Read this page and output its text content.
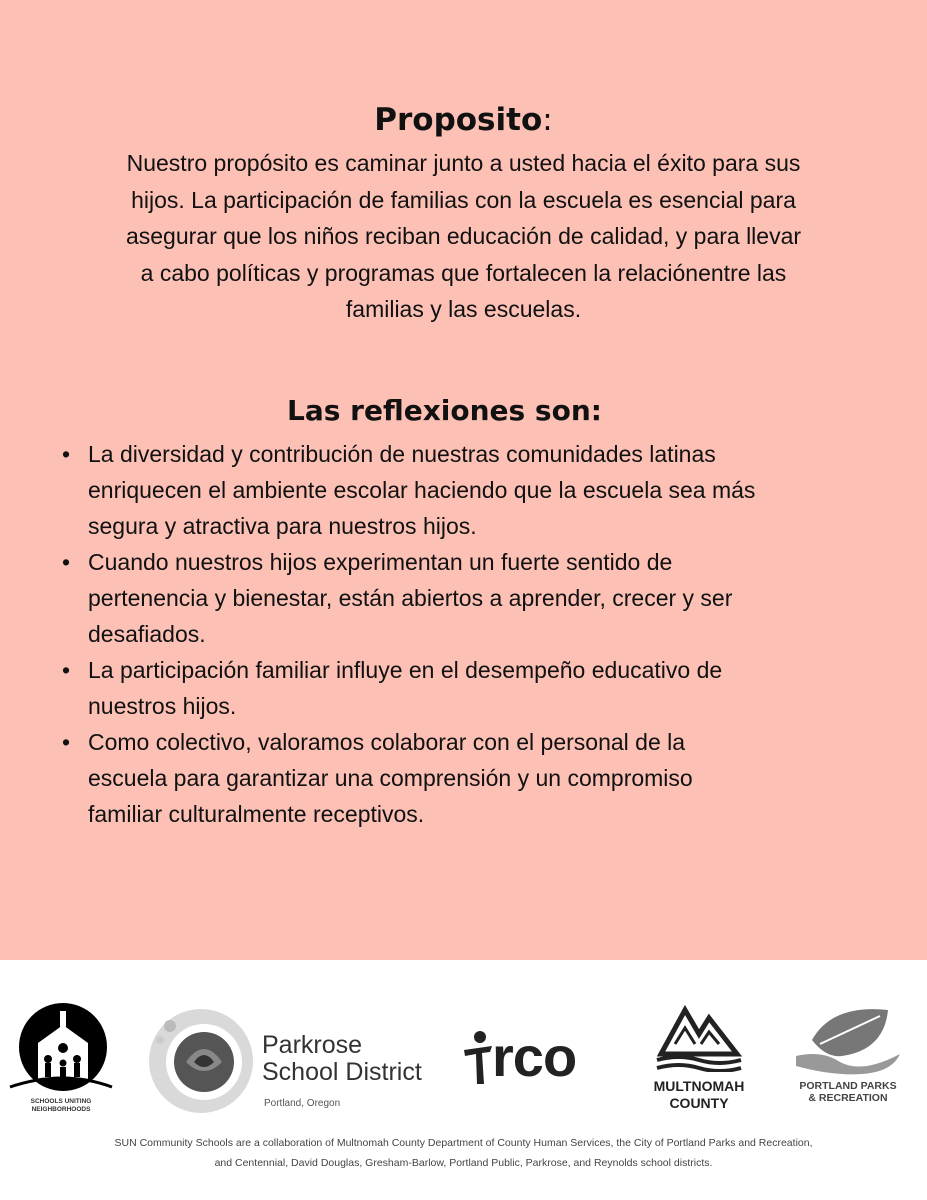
Proposito:
Nuestro propósito es caminar junto a usted hacia el éxito para sus
hijos. La participación de familias con la escuela es esencial para
asegurar que los niños reciban educación de calidad, y para llevar
a cabo políticas y programas que fortalecen la relaciónentre las
familias y las escuelas.
Las reflexiones son:
• La diversidad y contribución de nuestras comunidades latinas
enriquecen el ambiente escolar haciendo que la escuela sea más
segura y atractiva para nuestros hijos.
• Cuando nuestros hijos experimentan un fuerte sentido de
pertenencia y bienestar, están abiertos a aprender, crecer y ser
desafiados.
• La participación familiar influye en el desempeño educativo de
nuestros hijos.
• Como colectivo, valoramos colaborar con el personal de la
escuela para garantizar una comprensión y un compromiso
familiar culturalmente receptivos.
SCHOOLS UNITING
NEIGHBORHOODS
Parkrose
School District
Portland, Oregon
rco	MULTNOMAH
COUNTY
PORTLAND PARKS
& RECREATION
SUN Community Schools are a collaboration of Multnomah County Department of County Human Services, the City of Portland Parks and Recreation,
and Centennial, David Douglas, Gresham-Barlow, Portland Public, Parkrose, and Reynolds school districts.
